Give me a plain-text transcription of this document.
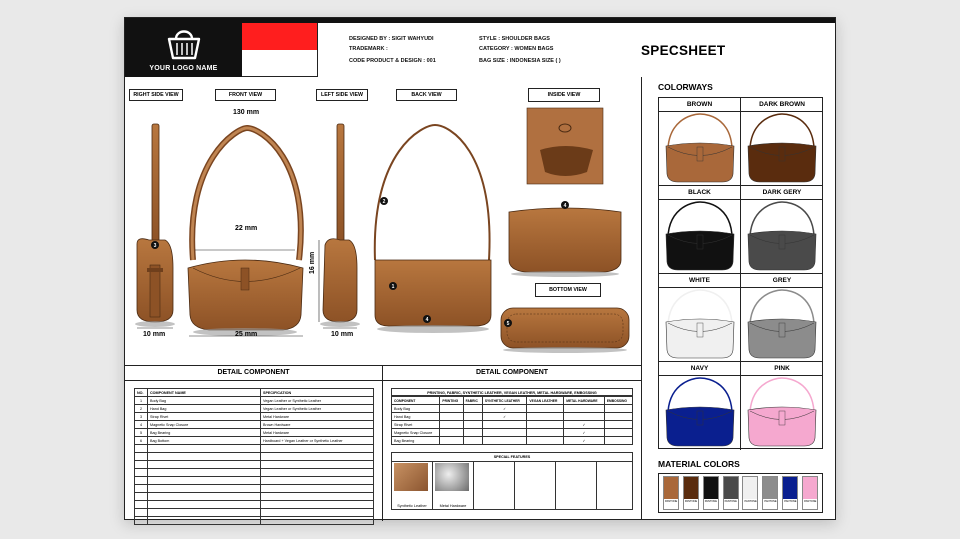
YOUR LOGO NAME
DESIGNED BY : SIGIT WAHYUDI
TRADEMARK :
CODE PRODUCT & DESIGN : 001
STYLE : SHOULDER BAGS
CATEGORY : WOMEN BAGS
BAG SIZE : INDONESIA SIZE ( )
SPECSHEET
RIGHT SIDE VIEW	FRONT VIEW	LEFT SIDE VIEW	BACK VIEW	INSIDE VIEW
BOTTOM VIEW
1
2
3
4
4
5
130 mm
22 mm
16 mm
10 mm	25 mm	10 mm
COLORWAYS
BROWN	DARK BROWN
BLACK	DARK GERY
WHITE	GREY
NAVY	PINK
MATERIAL COLORS
PANTONE	PANTONE	PANTONE	PANTONE	PANTONE	PANTONE	PANTONE	PANTONE
DETAIL COMPONENT
NO.	COMPONENT NAME	SPECIFICATION
1	Body Bag	Vegan Leather or Synthetic Leather
2	Hand Bag	Vegan Leather or Synthetic Leather
3	Strap Rivet	Metal Hardware
4	Magnetic Snap Closure	Brown Hardware
5	Bag Bearing	Metal Hardware
6	Bag Bottom	Hardboard + Vegan Leather or Synthetic Leather

DETAIL COMPONENT
PRINTING, FABRIC, SYNTHETIC LEATHER, VEGAN LEATHER, METAL HARDWARE, EMBOSSING
COMPONENT	PRINTING	FABRIC	SYNTHETIC LEATHER	VEGAN LEATHER	METAL HARDWARE	EMBOSSING
Body Bag			✓			
Hand Bag			✓			
Strap Rivet					✓	
Magnetic Snap Closure					✓	
Bag Bearing					✓	
SPECIAL FEATURES
Synthetic Leather	Metal Hardware
